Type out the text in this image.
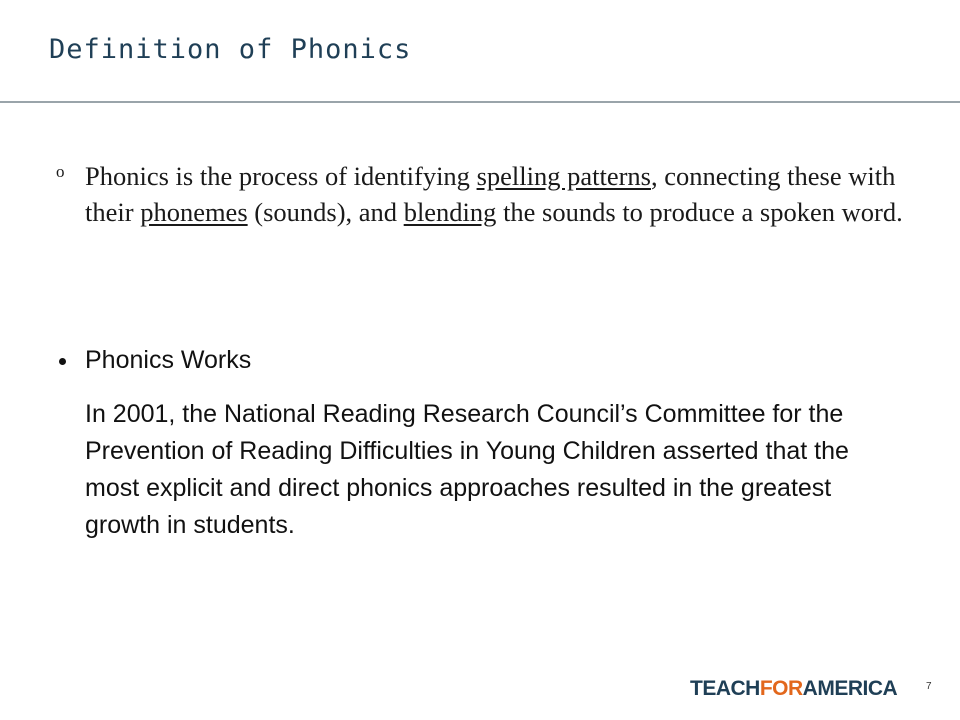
Definition of Phonics
o Phonics is the process of identifying spelling patterns, connecting these with their phonemes (sounds), and blending the sounds to produce a spoken word.
Phonics Works
In 2001, the National Reading Research Council’s Committee for the Prevention of Reading Difficulties in Young Children asserted that the most explicit and direct phonics approaches resulted in the greatest growth in students.
TEACHFORAMERICA	7
